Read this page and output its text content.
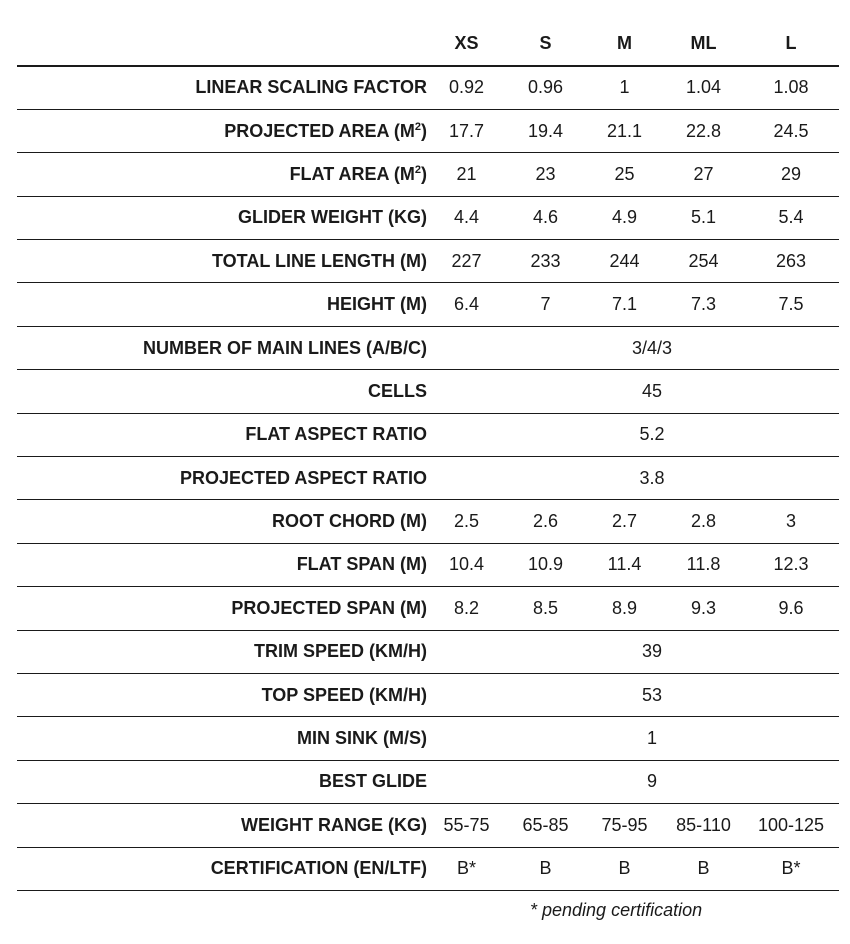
	XS	S	M	ML	L
LINEAR SCALING FACTOR	0.92	0.96	1	1.04	1.08
PROJECTED AREA $(M^2)$	17.7	19.4	21.1	22.8	24.5
FLAT AREA $(M^2)$	21	23	25	27	29
GLIDER WEIGHT (KG)	4.4	4.6	4.9	5.1	5.4
TOTAL LINE LENGTH (M)	227	233	244	254	263
HEIGHT (M)	6.4	7	7.1	7.3	7.5
NUMBER OF MAIN LINES (A/B/C)	3/4/3				
CELLS	45				
FLAT ASPECT RATIO	5.2				
PROJECTED ASPECT RATIO	3.8				
ROOT CHORD (M)	2.5	2.6	2.7	2.8	3
FLAT SPAN (M)	10.4	10.9	11.4	11.8	12.3
PROJECTED SPAN (M)	8.2	8.5	8.9	9.3	9.6
TRIM SPEED (KM/H)	39				
TOP SPEED (KM/H)	53				
MIN SINK (M/S)	1				
BEST GLIDE	9				
WEIGHT RANGE (KG)	55-75	65-85	75-95	85-110	100-125
CERTIFICATION (EN/LTF)	B*	B	B	B	B*
* pending certification
